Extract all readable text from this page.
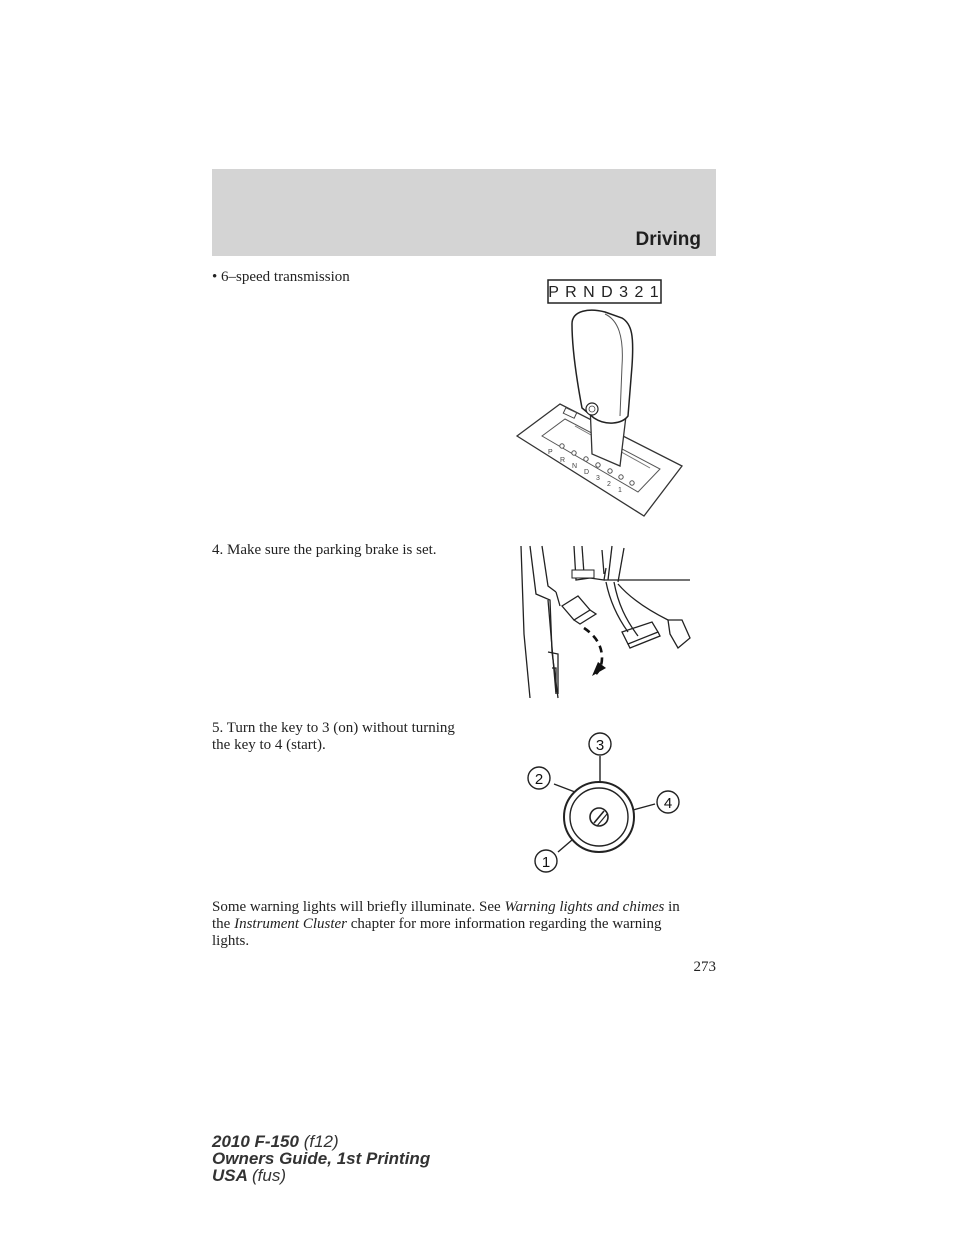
Driving
• 6–speed transmission
P R N D 3 2 1
P
R
N
D
3
2
1
4. Make sure the parking brake is set.
5. Turn the key to 3 (on) without turning the key to 4 (start).	3
2
4
1
Some warning lights will briefly illuminate. See Warning lights and chimes in the Instrument Cluster chapter for more information regarding the warning lights.
273
2010 F-150 (f12)
Owners Guide, 1st Printing
USA (fus)
